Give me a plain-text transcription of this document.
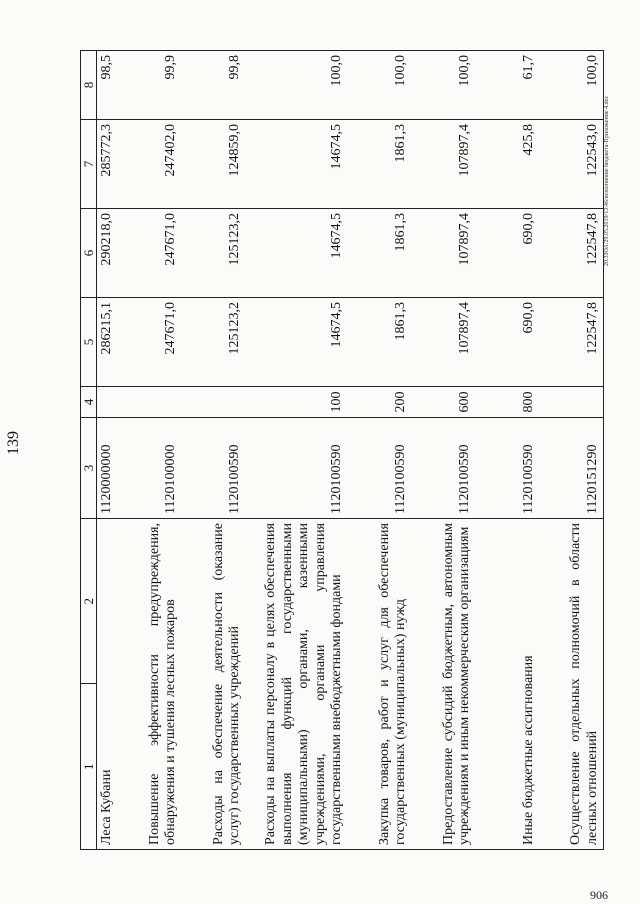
139
1	2	3	4	5	6	7	8
Леса Кубани		1120000000		286215,1	290218,0	285772,3	98,5
Повышение эффективности предупреждения, обнаружения и тушения лесных пожаров		1120100000		247671,0	247671,0	247402,0	99,9
Расходы на обеспечение деятельности (оказание услуг) государственных учреждений		1120100590		125123,2	125123,2	124859,0	99,8
Расходы на выплаты персоналу в целях обеспечения выполнения функций государственными (муниципальными) органами, казенными учреждениями, органами управления государственными внебюджетными фондами		1120100590	100	14674,5	14674,5	14674,5	100,0
Закупка товаров, работ и услуг для обеспечения государственных (муниципальных) нужд		1120100590	200	1861,3	1861,3	1861,3	100,0
Предоставление субсидий бюджетным, автономным учреждениям и иным некоммерческим организациям		1120100590	600	107897,4	107897,4	107897,4	100,0
Иные бюджетные ассигнования		1120100590	800	690,0	690,0	425,8	61,7
Осуществление отдельных полномочий в области лесных отношений		1120151290		122547,8	122547,8	122543,0	100,0
20.3ЗОА/29.05.2019/13:46/исполнение бюджета-Приложение 4.doc
906
